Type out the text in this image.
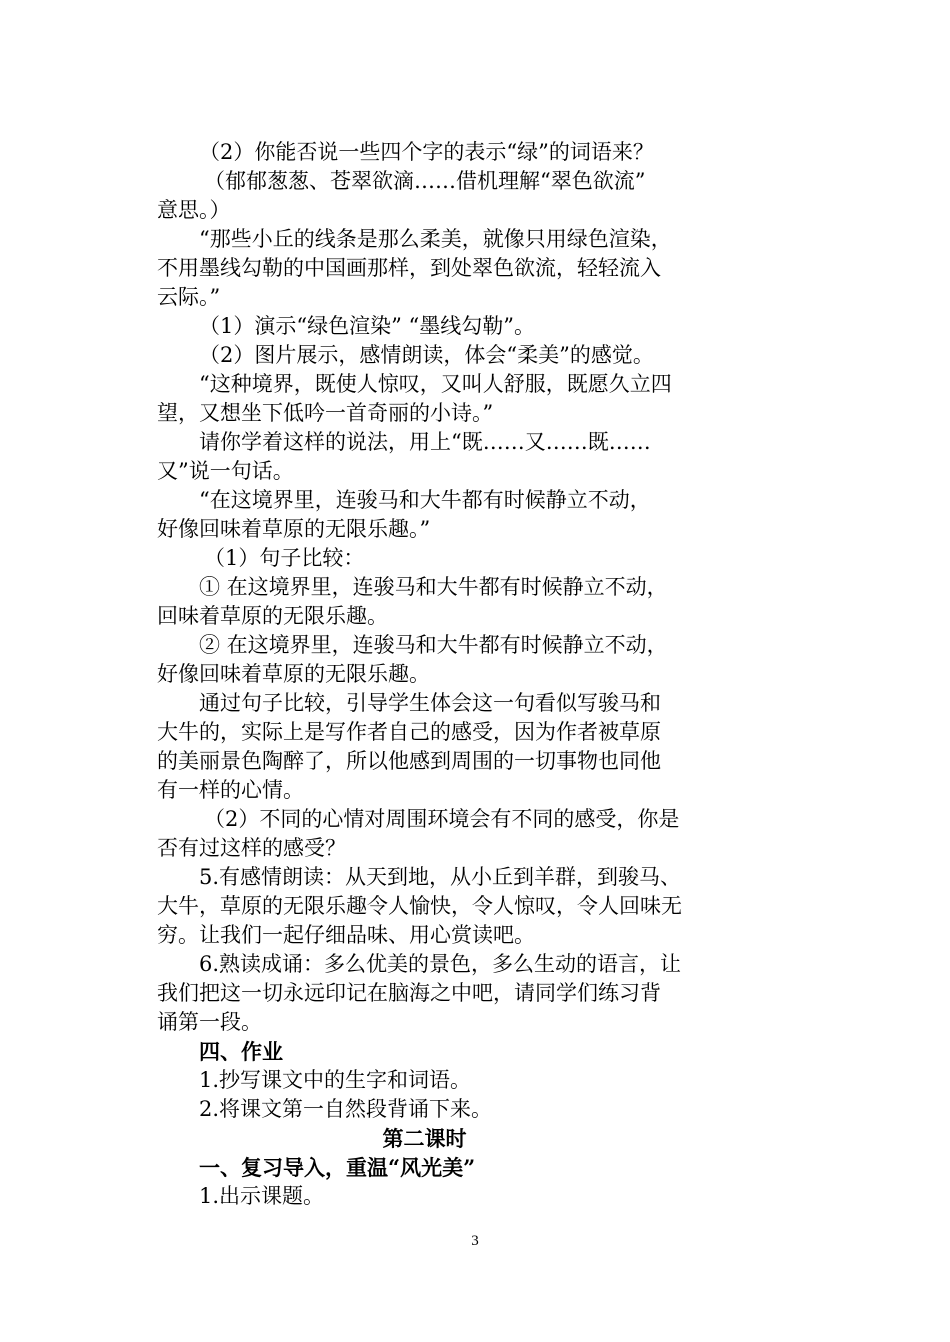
（2）你能否说一些四个字的表示“绿”的词语来？
（郁郁葱葱、苍翠欲滴……借机理解“翠色欲流”
意思。）
“那些小丘的线条是那么柔美，就像只用绿色渲染，
不用墨线勾勒的中国画那样，到处翠色欲流，轻轻流入
云际。”
（1）演示“绿色渲染” “墨线勾勒”。
（2）图片展示，感情朗读，体会“柔美”的感觉。
“这种境界，既使人惊叹，又叫人舒服，既愿久立四
望，又想坐下低吟一首奇丽的小诗。”
请你学着这样的说法，用上“既……又……既……
又”说一句话。
“在这境界里，连骏马和大牛都有时候静立不动，
好像回味着草原的无限乐趣。”
（1）句子比较：
① 在这境界里，连骏马和大牛都有时候静立不动，
回味着草原的无限乐趣。
② 在这境界里，连骏马和大牛都有时候静立不动，
好像回味着草原的无限乐趣。
通过句子比较，引导学生体会这一句看似写骏马和
大牛的，实际上是写作者自己的感受，因为作者被草原
的美丽景色陶醉了，所以他感到周围的一切事物也同他
有一样的心情。
（2）不同的心情对周围环境会有不同的感受，你是
否有过这样的感受？
5.有感情朗读：从天到地，从小丘到羊群，到骏马、
大牛，草原的无限乐趣令人愉快，令人惊叹，令人回味无
穷。让我们一起仔细品味、用心赏读吧。
6.熟读成诵：多么优美的景色，多么生动的语言，让
我们把这一切永远印记在脑海之中吧，请同学们练习背
诵第一段。
四、作业
1.抄写课文中的生字和词语。
2.将课文第一自然段背诵下来。
第二课时
一、复习导入，重温“风光美”
1.出示课题。
3
